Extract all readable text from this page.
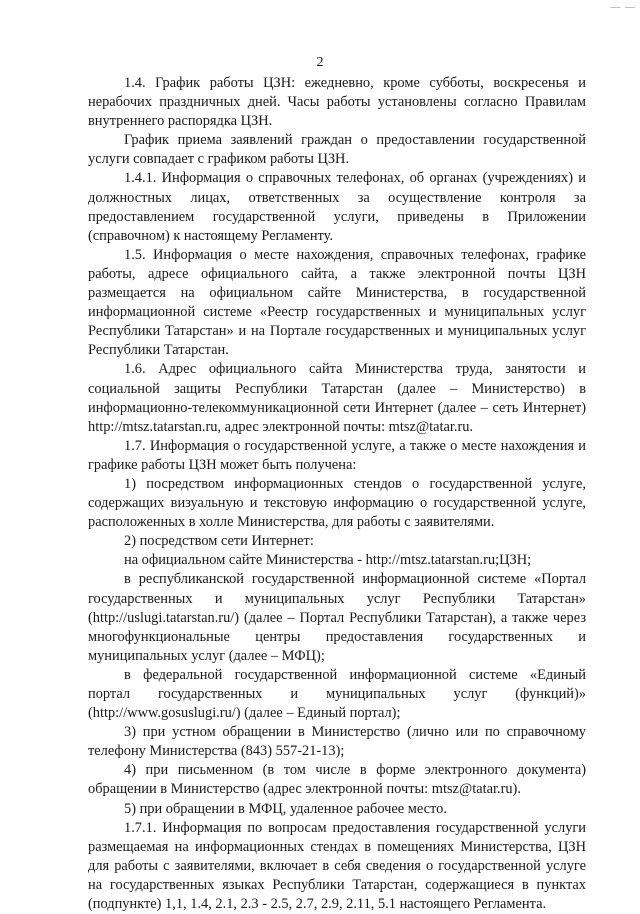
— —
2

1.4. График работы ЦЗН: ежедневно, кроме субботы, воскресенья и нерабочих праздничных дней. Часы работы установлены согласно Правилам внутреннего распорядка ЦЗН.

График приема заявлений граждан о предоставлении государственной услуги совпадает с графиком работы ЦЗН.

1.4.1. Информация о справочных телефонах, об органах (учреждениях) и должностных лицах, ответственных за осуществление контроля за предоставлением государственной услуги, приведены в Приложении (справочном) к настоящему Регламенту.

1.5. Информация о месте нахождения, справочных телефонах, графике работы, адресе официального сайта, а также электронной почты ЦЗН размещается на официальном сайте Министерства, в государственной информационной системе «Реестр государственных и муниципальных услуг Республики Татарстан» и на Портале государственных и муниципальных услуг Республики Татарстан.

1.6. Адрес официального сайта Министерства труда, занятости и социальной защиты Республики Татарстан (далее – Министерство) в информационно-телекоммуникационной сети Интернет (далее – сеть Интернет) http://mtsz.tatarstan.ru, адрес электронной почты: mtsz@tatar.ru.

1.7. Информация о государственной услуге, а также о месте нахождения и графике работы ЦЗН может быть получена:

1) посредством информационных стендов о государственной услуге, содержащих визуальную и текстовую информацию о государственной услуге, расположенных в холле Министерства, для работы с заявителями.

2) посредством сети Интернет:

на официальном сайте Министерства - http://mtsz.tatarstan.ru;ЦЗН;

в республиканской государственной информационной системе «Портал государственных и муниципальных услуг Республики Татарстан» (http://uslugi.tatarstan.ru/) (далее – Портал Республики Татарстан), а также через многофункциональные центры предоставления государственных и муниципальных услуг (далее – МФЦ);

в федеральной государственной информационной системе «Единый портал государственных и муниципальных услуг (функций)» (http://www.gosuslugi.ru/) (далее – Единый портал);

3) при устном обращении в Министерство (лично или по справочному телефону Министерства (843) 557-21-13);

4) при письменном (в том числе в форме электронного документа) обращении в Министерство (адрес электронной почты: mtsz@tatar.ru).

5) при обращении в МФЦ, удаленное рабочее место.

1.7.1. Информация по вопросам предоставления государственной услуги размещаемая на информационных стендах в помещениях Министерства, ЦЗН для работы с заявителями, включает в себя сведения о государственной услуге на государственных языках Республики Татарстан, содержащиеся в пунктах (подпункте) 1,1, 1.4, 2.1, 2.3 - 2.5, 2.7, 2.9, 2.11, 5.1 настоящего Регламента.
